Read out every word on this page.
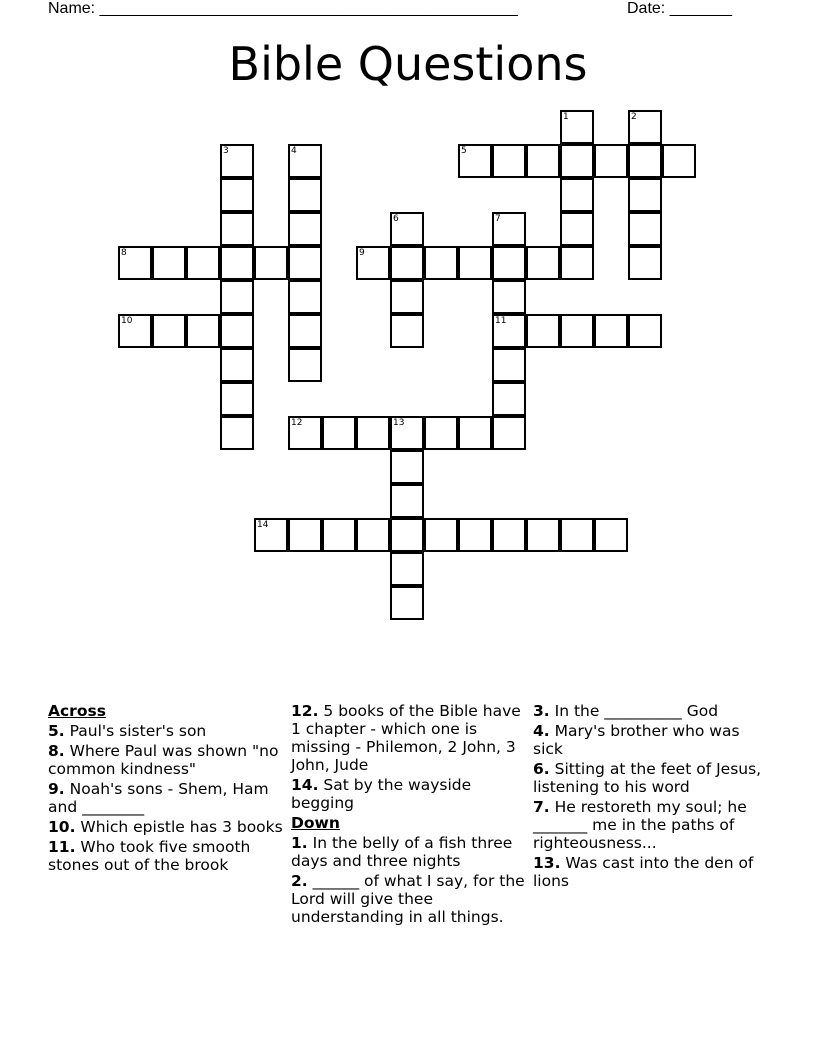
Name: _______________________________________________	Date: _______
Bible Questions
1	2
3	4	5
6	7
8	9
10	11
12	13
14
Across
5. Paul's sister's son
8. Where Paul was shown "no common kindness"
9. Noah's sons - Shem, Ham and ________
10. Which epistle has 3 books
11. Who took five smooth stones out of the brook
12. 5 books of the Bible have 1 chapter - which one is missing - Philemon, 2 John, 3 John, Jude
14. Sat by the wayside begging
Down
1. In the belly of a fish three days and three nights
2. ______ of what I say, for the Lord will give thee understanding in all things.
3. In the __________ God
4. Mary's brother who was sick
6. Sitting at the feet of Jesus, listening to his word
7. He restoreth my soul; he _______ me in the paths of righteousness...
13. Was cast into the den of lions
